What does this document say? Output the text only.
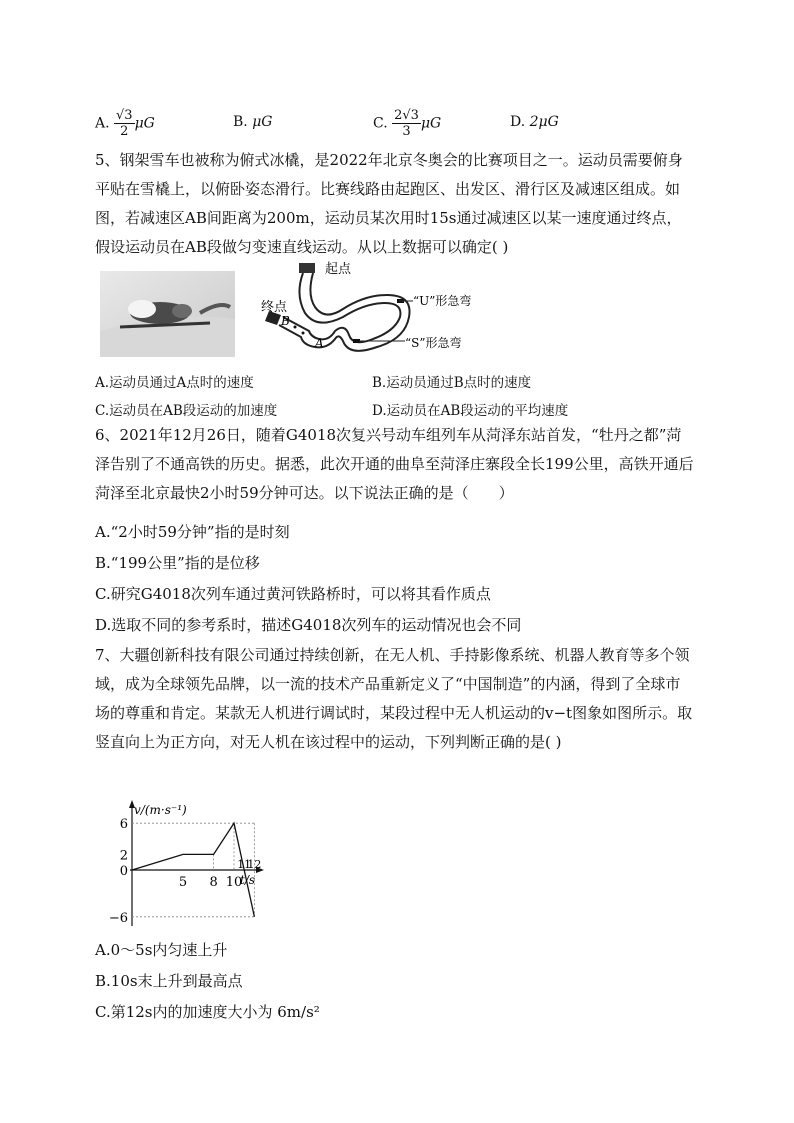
A. $\frac{√3}{2}$ μG	B. μG	C. $\frac{2√3}{3}$ μG	D. 2μG
5、钢架雪车也被称为俯式冰橇，是2022年北京冬奥会的比赛项目之一。运动员需要俯身平贴在雪橇上，以俯卧姿态滑行。比赛线路由起跑区、出发区、滑行区及减速区组成。如图，若减速区AB间距离为200m，运动员某次用时15s通过减速区以某一速度通过终点，假设运动员在AB段做匀变速直线运动。从以上数据可以确定( )
起点
终点	“U”形急弯
“S”形急弯
A
B
A.运动员通过A点时的速度	B.运动员通过B点时的速度
C.运动员在AB段运动的加速度	D.运动员在AB段运动的平均速度
6、2021年12月26日，随着G4018次复兴号动车组列车从菏泽东站首发，“牡丹之都”菏泽告别了不通高铁的历史。据悉，此次开通的曲阜至菏泽庄寨段全长199公里，高铁开通后菏泽至北京最快2小时59分钟可达。以下说法正确的是（　　）
A.“2小时59分钟”指的是时刻
B.“199公里”指的是位移
C.研究G4018次列车通过黄河铁路桥时，可以将其看作质点
D.选取不同的参考系时，描述G4018次列车的运动情况也会不同
7、大疆创新科技有限公司通过持续创新，在无人机、手持影像系统、机器人教育等多个领域，成为全球领先品牌，以一流的技术产品重新定义了“中国制造”的内涵，得到了全球市场的尊重和肯定。某款无人机进行调试时，某段过程中无人机运动的v−t图象如图所示。取竖直向上为正方向，对无人机在该过程中的运动，下列判断正确的是( )
6
2
0
−6
5 8 10
11
12
v/(m·s⁻¹)
t/s
A.0～5s内匀速上升
B.10s末上升到最高点
C.第12s内的加速度大小为 6m/s²
